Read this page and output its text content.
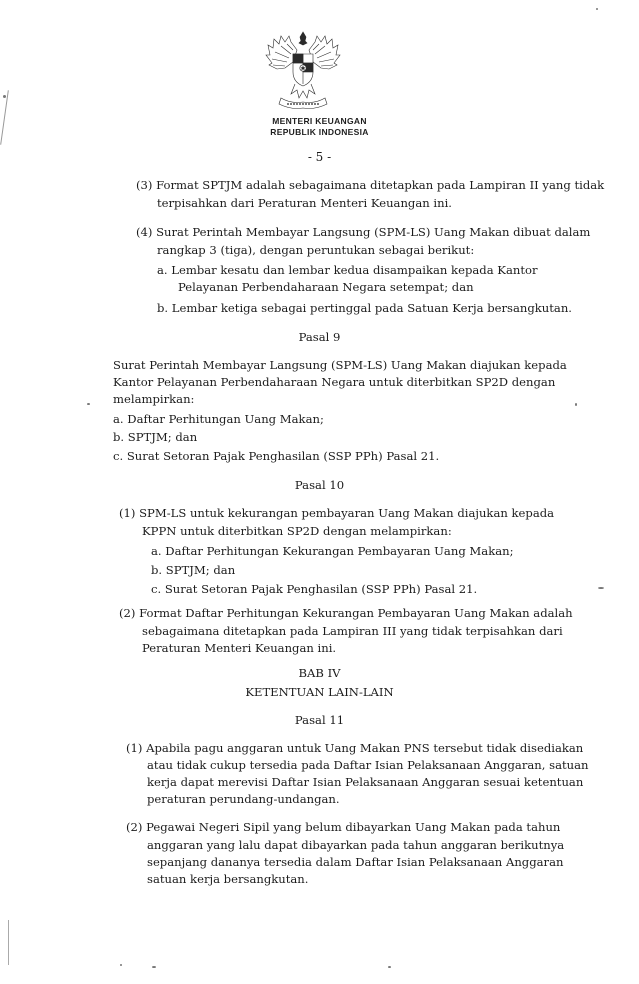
MENTERI KEUANGAN
REPUBLIK INDONESIA
- 5 -
(3) Format SPTJM adalah sebagaimana ditetapkan pada Lampiran II yang tidak
terpisahkan dari Peraturan Menteri Keuangan ini.
(4) Surat Perintah Membayar Langsung (SPM-LS) Uang Makan dibuat dalam
rangkap 3 (tiga), dengan peruntukan sebagai berikut:
a. Lembar kesatu dan lembar kedua disampaikan kepada Kantor
Pelayanan Perbendaharaan Negara setempat; dan
b. Lembar ketiga sebagai pertinggal pada Satuan Kerja bersangkutan.
Pasal 9
Surat Perintah Membayar Langsung (SPM-LS) Uang Makan diajukan kepada
Kantor Pelayanan Perbendaharaan Negara untuk diterbitkan SP2D dengan
melampirkan:
a. Daftar Perhitungan Uang Makan;
b. SPTJM; dan
c. Surat Setoran Pajak Penghasilan (SSP PPh) Pasal 21.
Pasal 10
(1) SPM-LS untuk kekurangan pembayaran Uang Makan diajukan kepada
KPPN untuk diterbitkan SP2D dengan melampirkan:
a. Daftar Perhitungan Kekurangan Pembayaran Uang Makan;
b. SPTJM; dan
c. Surat Setoran Pajak Penghasilan (SSP PPh) Pasal 21.
(2) Format Daftar Perhitungan Kekurangan Pembayaran Uang Makan adalah
sebagaimana ditetapkan pada Lampiran III yang tidak terpisahkan dari
Peraturan Menteri Keuangan ini.
BAB IV
KETENTUAN LAIN-LAIN
Pasal 11
(1) Apabila pagu anggaran untuk Uang Makan PNS tersebut tidak disediakan
atau tidak cukup tersedia pada Daftar Isian Pelaksanaan Anggaran, satuan
kerja dapat merevisi Daftar Isian Pelaksanaan Anggaran sesuai ketentuan
peraturan perundang-undangan.
(2) Pegawai Negeri Sipil yang belum dibayarkan Uang Makan pada tahun
anggaran yang lalu dapat dibayarkan pada tahun anggaran berikutnya
sepanjang dananya tersedia dalam Daftar Isian Pelaksanaan Anggaran
satuan kerja bersangkutan.
